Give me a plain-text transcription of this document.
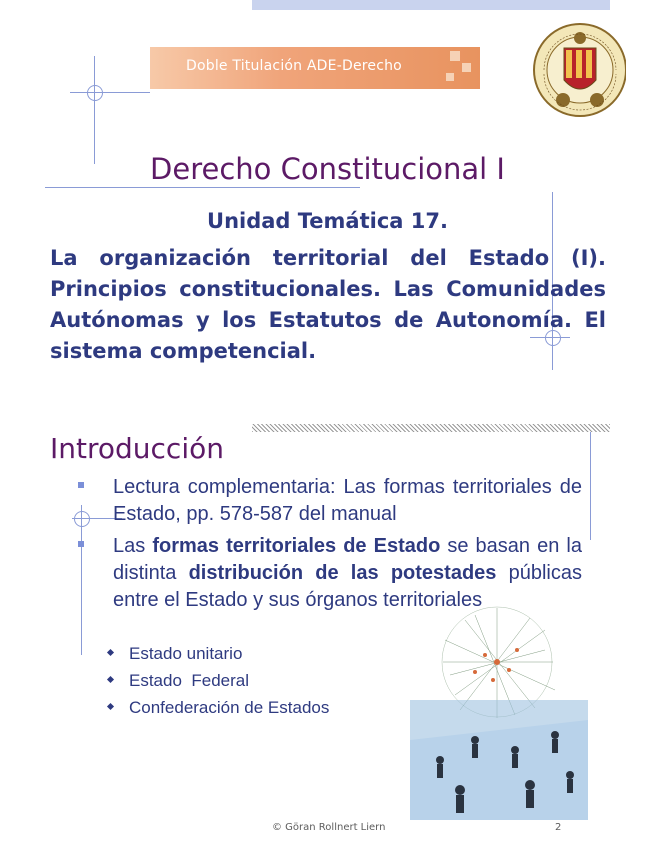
Doble Titulación ADE-Derecho
Derecho Constitucional I
Unidad Temática 17.
La organización territorial del Estado (I). Principios constitucionales. Las Comunidades Autónomas y los Estatutos de Autonomía. El sistema competencial.
Introducción
Lectura complementaria: Las formas territoriales de Estado, pp. 578-587 del manual
Las formas territoriales de Estado se basan en la distinta distribución de las potestades públicas entre el Estado y sus órganos territoriales
Estado unitario
Estado  Federal
Confederación de Estados
© Göran Rollnert Liern	2
